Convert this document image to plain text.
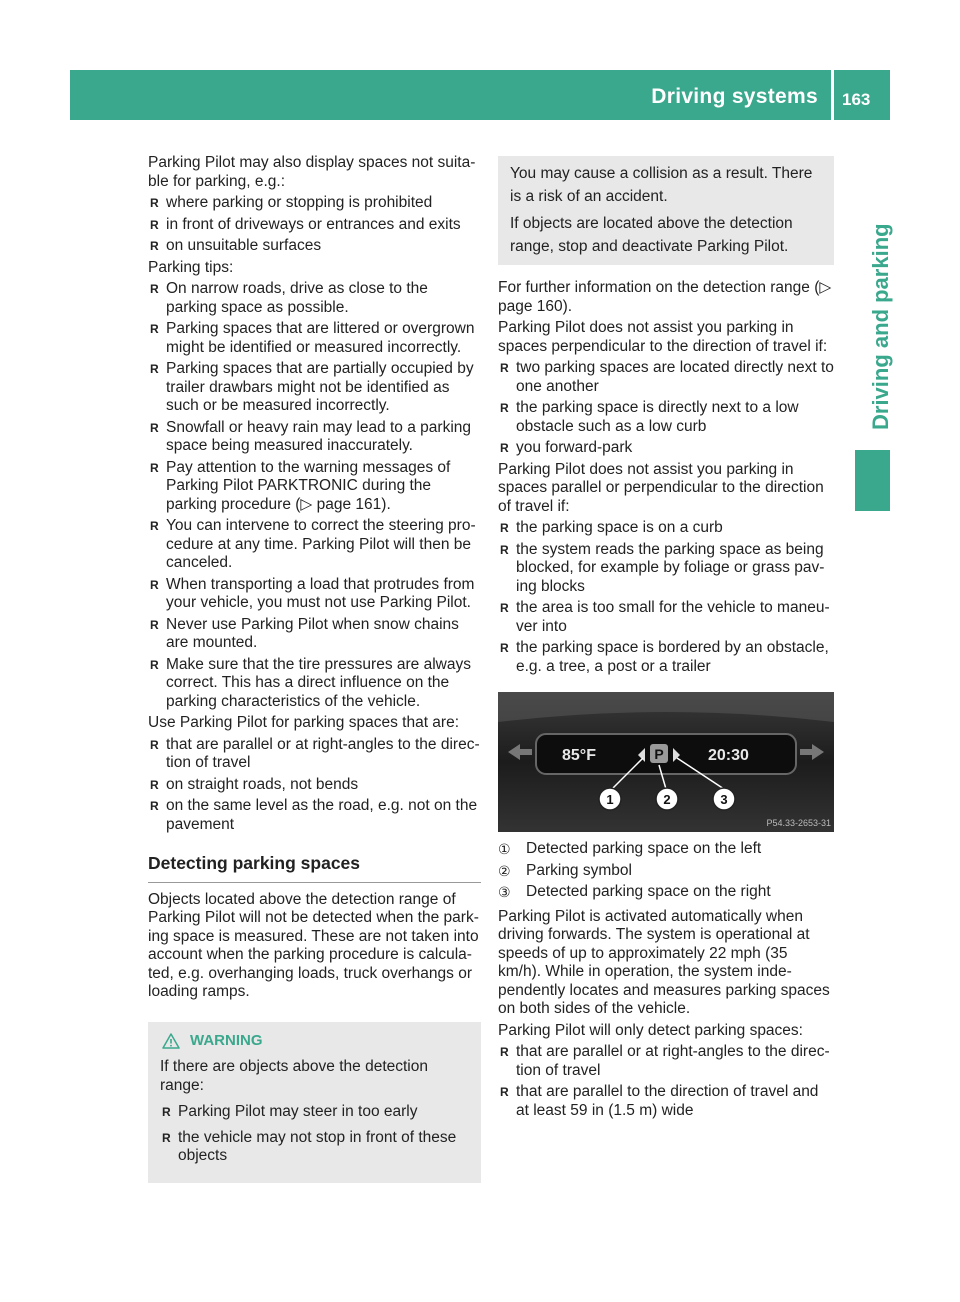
Driving systems 163
Driving and parking

Parking Pilot may also display spaces not suita-ble for parking, e.g.:

R where parking or stopping is prohibited
R in front of driveways or entrances and exits
R on unsuitable surfaces

Parking tips:

R On narrow roads, drive as close to the parking space as possible.
R Parking spaces that are littered or overgrown might be identified or measured incorrectly.
R Parking spaces that are partially occupied by trailer drawbars might not be identified as such or be measured incorrectly.
R Snowfall or heavy rain may lead to a parking space being measured inaccurately.
R Pay attention to the warning messages of Parking Pilot PARKTRONIC during the parking procedure (▷ page 161).
R You can intervene to correct the steering pro-cedure at any time. Parking Pilot will then be canceled.
R When transporting a load that protrudes from your vehicle, you must not use Parking Pilot.
R Never use Parking Pilot when snow chains are mounted.
R Make sure that the tire pressures are always correct. This has a direct influence on the parking characteristics of the vehicle.

Use Parking Pilot for parking spaces that are:

R that are parallel or at right-angles to the direc-tion of travel
R on straight roads, not bends
R on the same level as the road, e.g. not on the pavement
Detecting parking spaces

Objects located above the detection range of Parking Pilot will not be detected when the park-ing space is measured. These are not taken into account when the parking procedure is calcula-ted, e.g. overhanging loads, truck overhangs or loading ramps.

WARNING

If there are objects above the detection range:

R Parking Pilot may steer in too early
R the vehicle may not stop in front of these objects

You may cause a collision as a result. There is a risk of an accident.

If objects are located above the detection range, stop and deactivate Parking Pilot.

For further information on the detection range (▷ page 160).

Parking Pilot does not assist you parking in spaces perpendicular to the direction of travel if:

R two parking spaces are located directly next to one another
R the parking space is directly next to a low obstacle such as a low curb
R you forward-park

Parking Pilot does not assist you parking in spaces parallel or perpendicular to the direction of travel if:

R the parking space is on a curb
R the system reads the parking space as being blocked, for example by foliage or grass pav-ing blocks
R the area is too small for the vehicle to maneu-ver into
R the parking space is bordered by an obstacle, e.g. a tree, a post or a trailer
85°F	P	20:30
1	2	3
P54.33-2653-31
① Detected parking space on the left
② Parking symbol
③ Detected parking space on the right

Parking Pilot is activated automatically when driving forwards. The system is operational at speeds of up to approximately 22 mph (35 km/h). While in operation, the system inde-pendently locates and measures parking spaces on both sides of the vehicle.

Parking Pilot will only detect parking spaces:

R that are parallel or at right-angles to the direc-tion of travel
R that are parallel to the direction of travel and at least 59 in (1.5 m) wide
